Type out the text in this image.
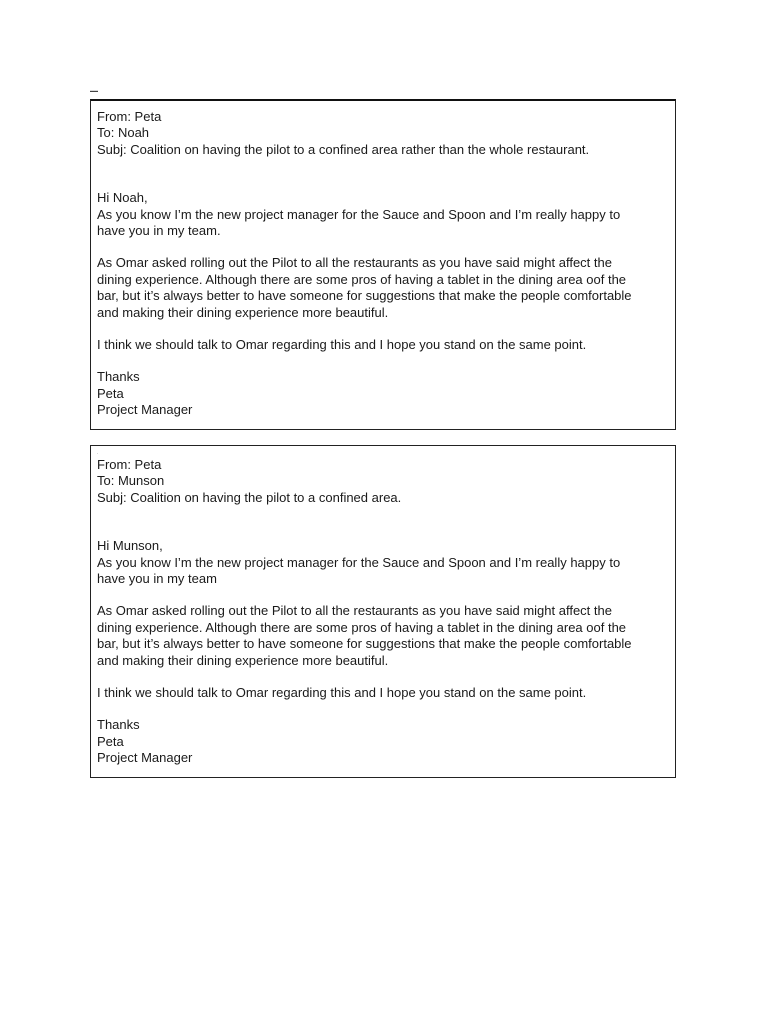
▬▬
From: Peta
To: Noah
Subj: Coalition on having the pilot to a confined area rather than the whole restaurant.
Hi Noah,
As you know I’m the new project manager for the Sauce and Spoon and I’m really happy to
have you in my team.
As Omar asked rolling out the Pilot to all the restaurants as you have said might affect the
dining experience. Although there are some pros of having a tablet in the dining area oof the
bar, but it’s always better to have someone for suggestions that make the people comfortable
and making their dining experience more beautiful.
I think we should talk to Omar regarding this and I hope you stand on the same point.
Thanks
Peta
Project Manager
·
From: Peta
To: Munson
Subj: Coalition on having the pilot to a confined area.
Hi Munson,
As you know I’m the new project manager for the Sauce and Spoon and I’m really happy to
have you in my team
As Omar asked rolling out the Pilot to all the restaurants as you have said might affect the
dining experience. Although there are some pros of having a tablet in the dining area oof the
bar, but it’s always better to have someone for suggestions that make the people comfortable
and making their dining experience more beautiful.
I think we should talk to Omar regarding this and I hope you stand on the same point.
Thanks
Peta
Project Manager
